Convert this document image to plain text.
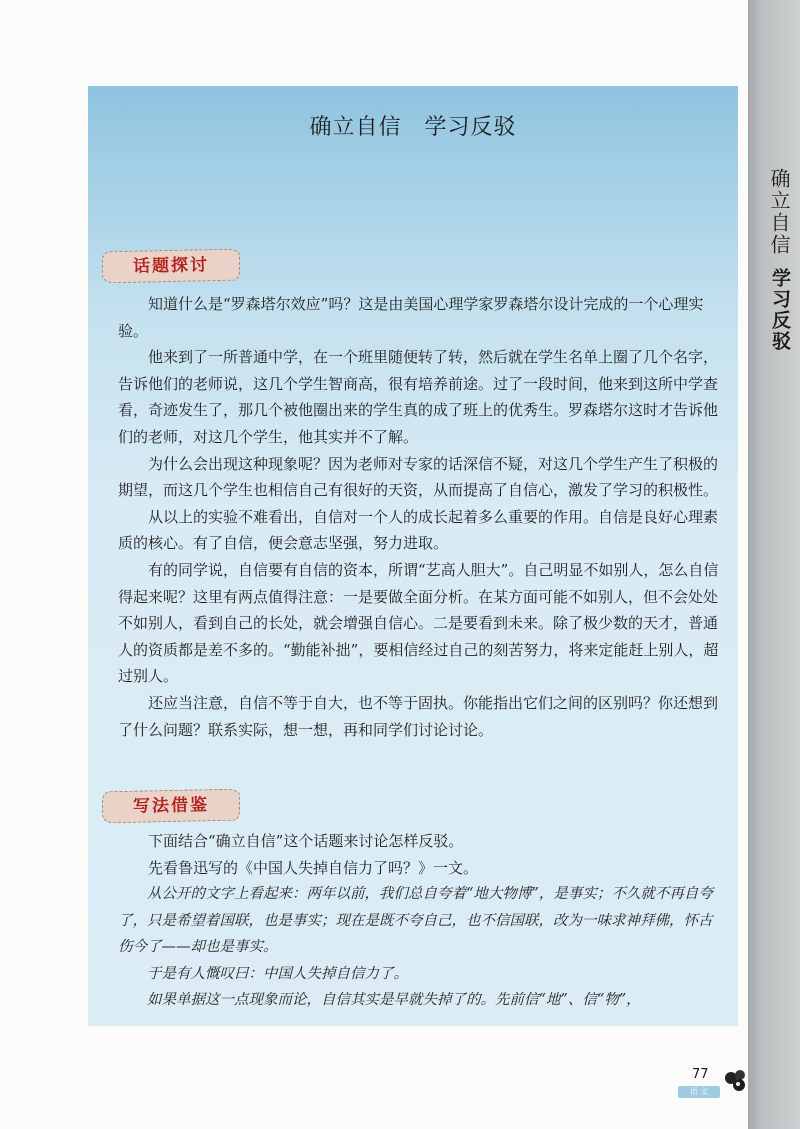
确立自信
学习反驳
确立自信　学习反驳
话题探讨

　　知道什么是“罗森塔尔效应”吗？这是由美国心理学家罗森塔尔设计完成的一个心理实验。

　　他来到了一所普通中学，在一个班里随便转了转，然后就在学生名单上圈了几个名字，告诉他们的老师说，这几个学生智商高，很有培养前途。过了一段时间，他来到这所中学查看，奇迹发生了，那几个被他圈出来的学生真的成了班上的优秀生。罗森塔尔这时才告诉他们的老师，对这几个学生，他其实并不了解。

　　为什么会出现这种现象呢？因为老师对专家的话深信不疑，对这几个学生产生了积极的期望，而这几个学生也相信自己有很好的天资，从而提高了自信心，激发了学习的积极性。

　　从以上的实验不难看出，自信对一个人的成长起着多么重要的作用。自信是良好心理素质的核心。有了自信，便会意志坚强，努力进取。

　　有的同学说，自信要有自信的资本，所谓“艺高人胆大”。自己明显不如别人，怎么自信得起来呢？这里有两点值得注意：一是要做全面分析。在某方面可能不如别人，但不会处处不如别人，看到自己的长处，就会增强自信心。二是要看到未来。除了极少数的天才，普通人的资质都是差不多的。“勤能补拙”，要相信经过自己的刻苦努力，将来定能赶上别人，超过别人。

　　还应当注意，自信不等于自大，也不等于固执。你能指出它们之间的区别吗？你还想到了什么问题？联系实际，想一想，再和同学们讨论讨论。

写法借鉴

　　下面结合“确立自信”这个话题来讨论怎样反驳。

　　先看鲁迅写的《中国人失掉自信力了吗？》一文。

　　从公开的文字上看起来：两年以前，我们总自夸着“地大物博”，是事实；不久就不再自夸了，只是希望着国联，也是事实；现在是既不夸自己，也不信国联，改为一味求神拜佛，怀古伤今了——却也是事实。

　　于是有人慨叹曰：中国人失掉自信力了。

　　如果单据这一点现象而论，自信其实是早就失掉了的。先前信“地”、信“物”，

77
语 文
